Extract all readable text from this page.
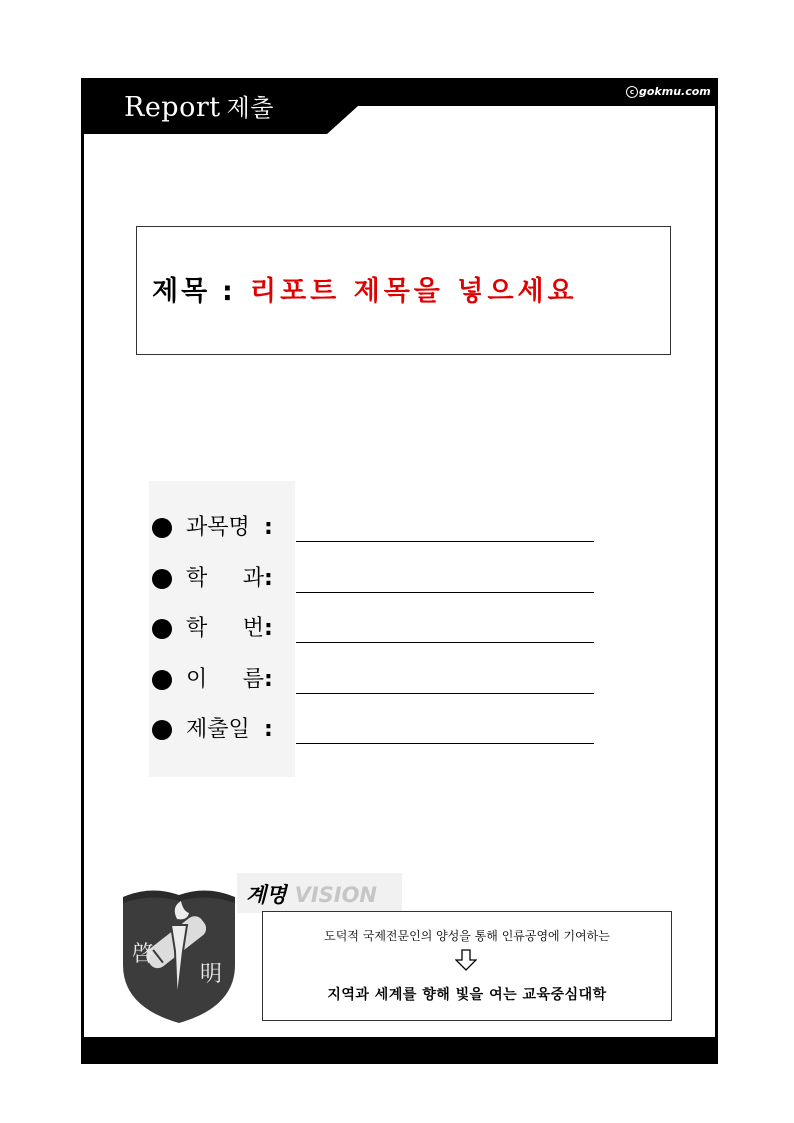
Report 제출
c gokmu.com
제목 : 리포트 제목을 넣으세요
과목명 :
학 과 :
학 번 :
이 름 :
제출일 :
啓
明
계명 VISION
도덕적 국제전문인의 양성을 통해 인류공영에 기여하는
지역과 세계를 향해 빛을 여는 교육중심대학
